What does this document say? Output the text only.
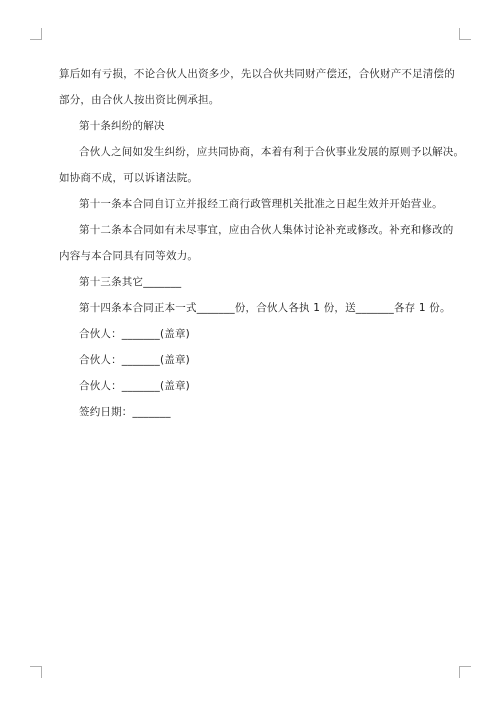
算后如有亏损，不论合伙人出资多少，先以合伙共同财产偿还，合伙财产不足清偿的
部分，由合伙人按出资比例承担。
第十条纠纷的解决
合伙人之间如发生纠纷，应共同协商，本着有利于合伙事业发展的原则予以解决。
如协商不成，可以诉诸法院。
第十一条本合同自订立并报经工商行政管理机关批准之日起生效并开始营业。
第十二条本合同如有未尽事宜，应由合伙人集体讨论补充或修改。补充和修改的
内容与本合同具有同等效力。
第十三条其它_______
第十四条本合同正本一式_______份，合伙人各执 1 份，送_______各存 1 份。
合伙人：_______(盖章)
合伙人：_______(盖章)
合伙人：_______(盖章)
签约日期：_______
